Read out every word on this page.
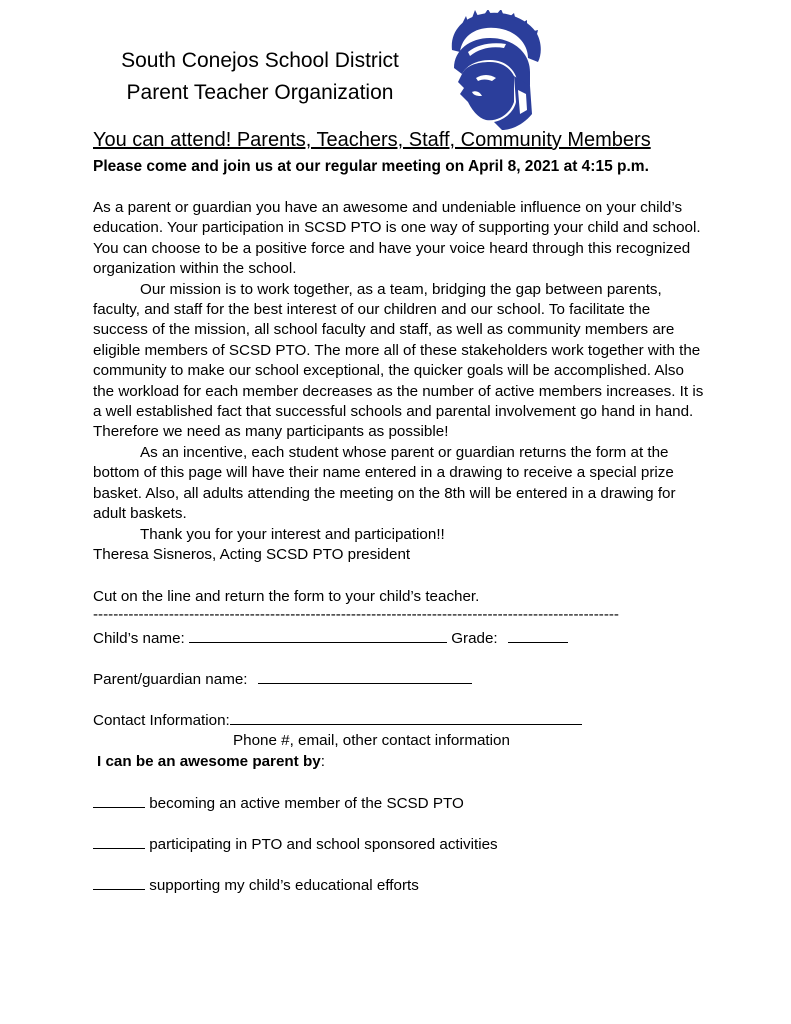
South Conejos School District
Parent Teacher Organization
You can attend! Parents, Teachers, Staff, Community Members
Please come and join us at our regular meeting on April 8, 2021 at 4:15 p.m.

As a parent or guardian you have an awesome and undeniable influence on your child’s education. Your participation in SCSD PTO is one way of supporting your child and school. You can choose to be a positive force and have your voice heard through this recognized organization within the school.

Our mission is to work together, as a team, bridging the gap between parents, faculty, and staff for the best interest of our children and our school. To facilitate the success of the mission, all school faculty and staff, as well as community members are eligible members of SCSD PTO. The more all of these stakeholders work together with the community to make our school exceptional, the quicker goals will be accomplished. Also the workload for each member decreases as the number of active members increases. It is a well established fact that successful schools and parental involvement go hand in hand. Therefore we need as many participants as possible!

As an incentive, each student whose parent or guardian returns the form at the bottom of this page will have their name entered in a drawing to receive a special prize basket. Also, all adults attending the meeting on the 8th will be entered in a drawing for adult baskets.

Thank you for your interest and participation!!

Theresa Sisneros, Acting SCSD PTO president

Cut on the line and return the form to your child’s teacher.
--------------------------------------------------------------------------------------------------------
Child’s name:	Grade:
Parent/guardian name:
Contact Information:
Phone #, email, other contact information
I can be an awesome parent by:
becoming an active member of the SCSD PTO
participating in PTO and school sponsored activities
supporting my child’s educational efforts
